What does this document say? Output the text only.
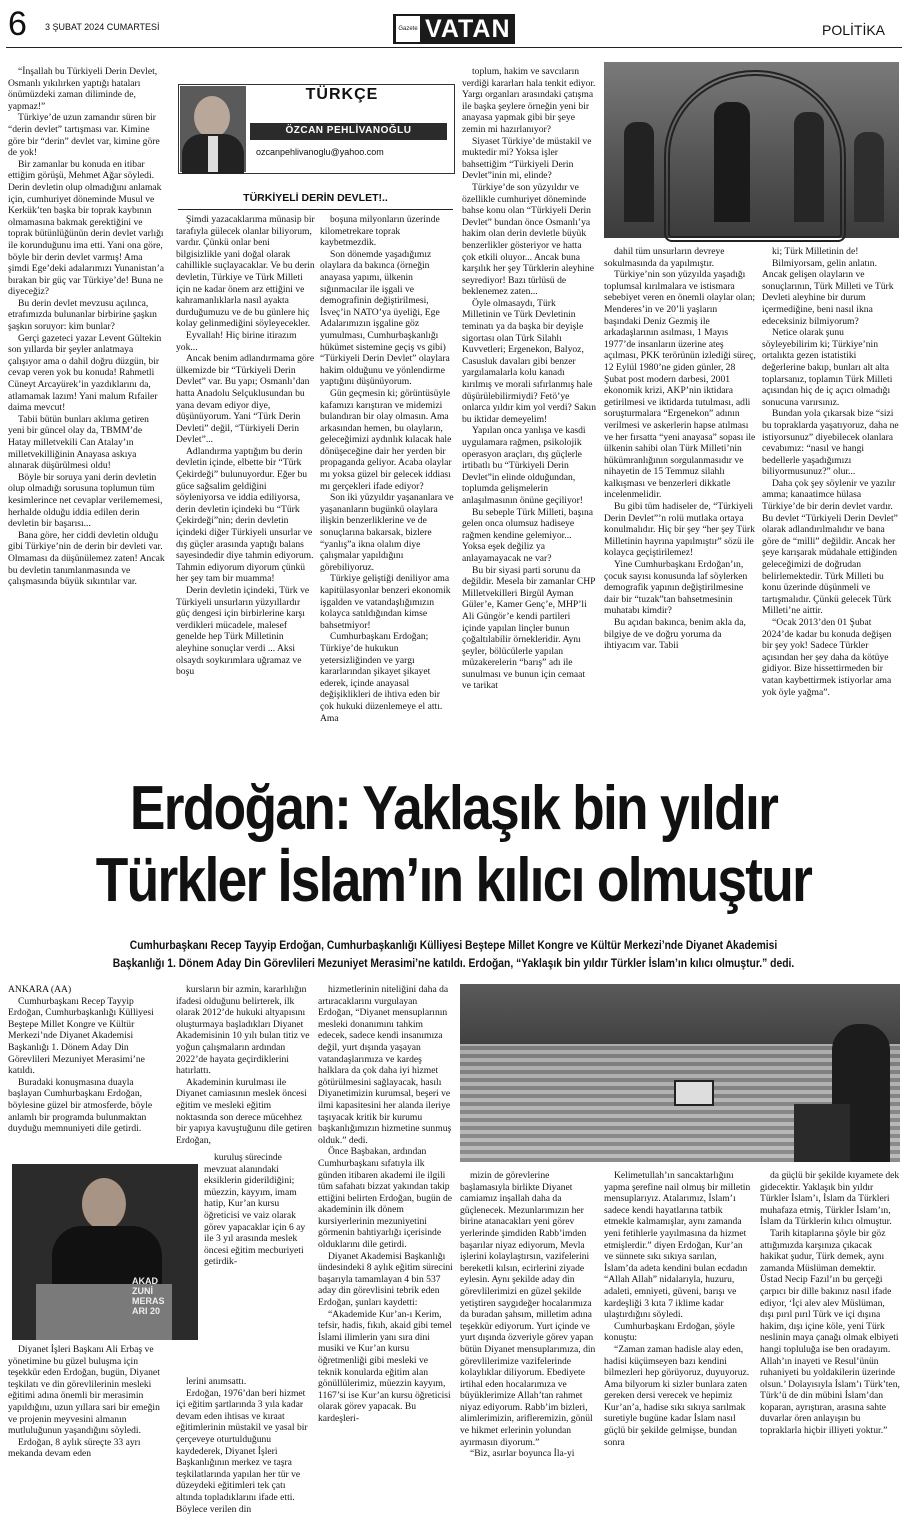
6 3 ŞUBAT 2024 CUMARTESİ	Gazete VATAN	POLİTİKA
TÜRKÇE
ÖZCAN PEHLİVANOĞLU
ozcanpehlivanoglu@yahoo.com
TÜRKİYELİ DERİN DEVLET!..

“İnşallah bu Türkiyeli Derin Devlet, Osmanlı yıkılırken yaptığı hataları önümüzdeki zaman diliminde de, yapmaz!”

Türkiye’de uzun zamandır süren bir “derin devlet” tartışması var. Kimine göre bir “derin” devlet var, kimine göre de yok!

Bir zamanlar bu konuda en itibar ettiğim görüşü, Mehmet Ağar söyledi. Derin devletin olup olmadığını anlamak için, cumhuriyet döneminde Musul ve Kerkük’ten başka bir toprak kaybının olmamasına bakmak gerektiğini ve toprak bütünlüğünün derin devlet varlığı ile korunduğunu ima etti. Yani ona göre, böyle bir derin devlet varmış! Ama şimdi Ege’deki adalarımızı Yunanistan’a bırakan bir güç var Türkiye’de! Buna ne diyeceğiz?

Bu derin devlet mevzusu açılınca, etrafımızda bulunanlar birbirine şaşkın şaşkın soruyor: kim bunlar?

Gerçi gazeteci yazar Levent Gültekin son yıllarda bir şeyler anlatmaya çalışıyor ama o dahil doğru düzgün, bir cevap veren yok bu konuda! Rahmetli Cüneyt Arcayürek’in yazdıklarını da, atlamamak lazım! Yani malum Rıfailer daima mevcut!

Tabii bütün bunları aklıma getiren yeni bir güncel olay da, TBMM’de Hatay milletvekili Can Atalay’ın milletvekilliğinin Anayasa askıya alınarak düşürülmesi oldu!

Böyle bir soruya yani derin devletin olup olmadığı sorusuna toplumun tüm kesimlerince net cevaplar verilememesi, herhalde olduğu iddia edilen derin devletin bir başarısı...

Bana göre, her ciddi devletin olduğu gibi Türkiye’nin de derin bir devleti var. Olmaması da düşünülemez zaten! Ancak bu devletin tanımlanmasında ve çalışmasında büyük sıkıntılar var.

Şimdi yazacaklarıma münasip bir tarafıyla gülecek olanlar biliyorum, vardır. Çünkü onlar beni bilgisizlikle yani doğal olarak cahillikle suçlayacaklar. Ve bu derin devletin, Türkiye ve Türk Milleti için ne kadar önem arz ettiğini ve kahramanlıklarla nasıl ayakta durduğumuzu ve de bu günlere hiç kolay gelinmediğini söyleyecekler.

Eyvallah! Hiç birine itirazım yok...

Ancak benim adlandırmama göre ülkemizde bir “Türkiyeli Derin Devlet” var. Bu yapı; Osmanlı’dan hatta Anadolu Selçuklusundan bu yana devam ediyor diye, düşünüyorum. Yani “Türk Derin Devleti” değil, “Türkiyeli Derin Devlet”...

Adlandırma yaptığım bu derin devletin içinde, elbette bir “Türk Çekirdeği” bulunuyordur. Eğer bu güce sağsalim geldiğini söyleniyorsa ve iddia ediliyorsa, derin devletin içindeki bu “Türk Çekirdeği”nin; derin devletin içindeki diğer Türkiyeli unsurlar ve dış güçler arasında yaptığı balans sayesindedir diye tahmin ediyorum. Tahmin ediyorum diyorum çünkü her şey tam bir muamma!

Derin devletin içindeki, Türk ve Türkiyeli unsurların yüzyıllardır güç dengesi için birbirlerine karşı verdikleri mücadele, malesef genelde hep Türk Milletinin aleyhine sonuçlar verdi ... Aksi olsaydı soykırımlara uğramaz ve boşu

boşuna milyonların üzerinde kilometrekare toprak kaybetmezdik.

Son dönemde yaşadığımız olaylara da bakınca (örneğin anayasa yapımı, ülkenin sığınmacılar ile işgali ve demografinin değiştirilmesi, İsveç’in NATO’ya üyeliği, Ege Adalarımızın işgaline göz yumulması, Cumhurbaşkanlığı hükümet sistemine geçiş vs gibi) “Türkiyeli Derin Devlet” olaylara hakim olduğunu ve yönlendirme yaptığını düşünüyorum.

Gün geçmesin ki; görüntüsüyle kafamızı karıştıran ve midemizi bulandıran bir olay olmasın. Ama arkasından hemen, bu olayların, geleceğimizi aydınlık kılacak hale dönüşeceğine dair her yerden bir propaganda geliyor. Acaba olaylar mı yoksa güzel bir gelecek iddiası mı gerçekleri ifade ediyor?

Son iki yüzyıldır yaşananlara ve yaşananların bugünkü olaylara ilişkin benzerliklerine ve de sonuçlarına bakarsak, bizlere “yanlış”a ikna olalım diye çalışmalar yapıldığını görebiliyoruz.

Türkiye geliştiği deniliyor ama kapitülasyonlar benzeri ekonomik işgalden ve vatandaşlığımızın kolayca satıldığından kimse bahsetmiyor!

Cumhurbaşkanı Erdoğan; Türkiye’de hukukun yetersizliğinden ve yargı kararlarından şikayet şikayet ederek, içinde anayasal değişiklikleri de ihtiva eden bir çok hukuki düzenlemeye el attı. Ama

toplum, hakim ve savcıların verdiği kararları hala tenkit ediyor. Yargı organları arasındaki çatışma ile başka şeylere örneğin yeni bir anayasa yapmak gibi bir şeye zemin mi hazırlanıyor?

Siyaset Türkiye’de müstakil ve muktedir mi? Yoksa işler bahsettiğim “Türkiyeli Derin Devlet”inin mi, elinde?

Türkiye’de son yüzyıldır ve özellikle cumhuriyet döneminde bahse konu olan “Türkiyeli Derin Devlet” bundan önce Osmanlı’ya hakim olan derin devletle büyük benzerlikler gösteriyor ve hatta çok etkili oluyor... Ancak buna karşılık her şey Türklerin aleyhine seyrediyor! Bazı türlüsü de beklenemez zaten...

Öyle olmasaydı, Türk Milletinin ve Türk Devletinin teminatı ya da başka bir deyişle sigortası olan Türk Silahlı Kuvvetleri; Ergenekon, Balyoz, Casusluk davaları gibi benzer yargılamalarla kolu kanadı kırılmış ve morali sıfırlanmış hale düşürülebilirmiydi? Fetö’ye onlarca yıldır kim yol verdi? Sakın bu iktidar demeyelim!

Yapılan onca yanlışa ve kasdi uygulamara rağmen, psikolojik operasyon araçları, dış güçlerle irtibatlı bu “Türkiyeli Derin Devlet”in elinde olduğundan, toplumda gelişmelerin anlaşılmasının önüne geçiliyor!

Bu sebeple Türk Milleti, başına gelen onca olumsuz hadiseye rağmen kendine gelemiyor... Yoksa eşek değiliz ya anlayamayacak ne var?

Bu bir siyasi parti sorunu da değildir. Mesela bir zamanlar CHP Milletvekilleri Birgül Ayman Güler’e, Kamer Genç’e, MHP’li Ali Güngör’e kendi partileri içinde yapılan linçler bunun çoğaltılabilir örnekleridir. Aynı şeyler, bölücülerle yapılan müzakerelerin “barış” adı ile sunulması ve bunun için cemaat ve tarikat

dahil tüm unsurların devreye sokulmasında da yapılmıştır.

Türkiye’nin son yüzyılda yaşadığı toplumsal kırılmalara ve istismara sebebiyet veren en önemli olaylar olan; Menderes’in ve 20’li yaşların başındaki Deniz Gezmiş ile arkadaşlarının asılması, 1 Mayıs 1977’de insanların üzerine ateş açılması, PKK terörünün izlediği süreç, 12 Eylül 1980’ne giden günler, 28 Şubat post modern darbesi, 2001 ekonomik krizi, AKP’nin iktidara getirilmesi ve iktidarda tutulması, adli soruşturmalara “Ergenekon” adının verilmesi ve askerlerin hapse atılması ve her fırsatta “yeni anayasa” sopası ile ülkenin sahibi olan Türk Milleti’nin hükümranlığının sorgulanmasıdır ve nihayetin de 15 Temmuz silahlı kalkışması ve benzerleri dikkatle incelenmelidir.

Bu gibi tüm hadiseler de, “Türkiyeli Derin Devlet”’n rolü mutlaka ortaya konulmalıdır. Hiç bir şey “her şey Türk Milletinin hayrına yapılmıştır” sözü ile kolayca geçiştirilemez!

Yine Cumhurbaşkanı Erdoğan’ın, çocuk sayısı konusunda laf söylerken demografik yapının değiştirilmesine dair bir “tuzak”tan bahsetmesinin muhatabı kimdir?

Bu açıdan bakınca, benim akla da, bilgiye de ve doğru yoruma da ihtiyacım var. Tabii

ki; Türk Milletinin de!

Bilmiyorsam, gelin anlatın. Ancak gelişen olayların ve sonuçlarının, Türk Milleti ve Türk Devleti aleyhine bir durum içermediğine, beni nasıl ikna edeceksiniz bilmiyorum?

Netice olarak şunu söyleyebilirim ki; Türkiye’nin ortalıkta gezen istatistiki değerlerine bakıp, bunları alt alta toplarsanız, toplamın Türk Milleti açısından hiç de iç açıcı olmadığı sonucuna varırsınız.

Bundan yola çıkarsak bize “sizi bu topraklarda yaşatıyoruz, daha ne istiyorsunuz” diyebilecek olanlara cevabımız: “nasıl ve hangi bedellerle yaşadığımızı biliyormusunuz?” olur...

Daha çok şey söylenir ve yazılır amma; kanaatimce hülasa Türkiye’de bir derin devlet vardır. Bu devlet “Türkiyeli Derin Devlet” olarak adlandırılmalıdır ve bana göre de “milli” değildir. Ancak her şeye karışarak müdahale ettiğinden geleceğimizi de doğrudan belirlemektedir. Türk Milleti bu konu üzerinde düşünmeli ve tartışmalıdır. Çünkü gelecek Türk Milleti’ne aittir.

“Ocak 2013’den 01 Şubat 2024’de kadar bu konuda değişen bir şey yok! Sadece Türkler açısından her şey daha da kötüye gidiyor. Bize hissettirmeden bir vatan kaybettirmek istiyorlar ama yok öyle yağma”.

Erdoğan: Yaklaşık bin yıldır
Türkler İslam’ın kılıcı olmuştur
Cumhurbaşkanı Recep Tayyip Erdoğan, Cumhurbaşkanlığı Külliyesi Beştepe Millet Kongre ve Kültür Merkezi’nde Diyanet Akademisi
Başkanlığı 1. Dönem Aday Din Görevlileri Mezuniyet Merasimi’ne katıldı. Erdoğan, “Yaklaşık bin yıldır Türkler İslam’ın kılıcı olmuştur.” dedi.
ANKARA (AA)

Cumhurbaşkanı Recep Tayyip Erdoğan, Cumhurbaşkanlığı Külliyesi Beştepe Millet Kongre ve Kültür Merkezi’nde Diyanet Akademisi Başkanlığı 1. Dönem Aday Din Görevlileri Mezuniyet Merasimi’ne katıldı.

Buradaki konuşmasına duayla başlayan Cumhurbaşkanı Erdoğan, böylesine güzel bir atmosferde, böyle anlamlı bir programda bulunmaktan duyduğu memnuniyeti dile getirdi.

AKAD
ZUNİ
MERAS
ARI 20

Diyanet İşleri Başkanı Ali Erbaş ve yönetimine bu güzel buluşma için teşekkür eden Erdoğan, bugün, Diyanet teşkilatı ve din görevlilerinin mesleki eğitimi adına önemli bir merasimin yapıldığını, uzun yıllara sari bir emeğin ve projenin meyvesini almanın mutluluğunun yaşandığını söyledi.

Erdoğan, 8 aylık süreçte 33 ayrı mekanda devam eden

kursların bir azmin, kararlılığın ifadesi olduğunu belirterek, ilk olarak 2012’de hukuki altyapısını oluşturmaya başladıkları Diyanet Akademisinin 10 yılı bulan titiz ve yoğun çalışmaların ardından 2022’de hayata geçirdiklerini hatırlattı.

Akademinin kurulması ile Diyanet camiasının meslek öncesi eğitim ve mesleki eğitim noktasında son derece mücehhez bir yapıya kavuştuğunu dile getiren Erdoğan,

kuruluş sürecinde mevzuat alanındaki eksiklerin giderildiğini; müezzin, kayyım, imam hatip, Kur’an kursu öğreticisi ve vaiz olarak görev yapacaklar için 6 ay ile 3 yıl arasında meslek öncesi eğitim mecburiyeti getirdik-

lerini anımsattı.

Erdoğan, 1976’dan beri hizmet içi eğitim şartlarında 3 yıla kadar devam eden ihtisas ve kıraat eğitimlerinin müstakil ve yasal bir çerçeveye oturtulduğunu kaydederek, Diyanet İşleri Başkanlığının merkez ve taşra teşkilatlarında yapılan her tür ve düzeydeki eğitimleri tek çatı altında topladıklarını ifade etti. Böylece verilen din

hizmetlerinin niteliğini daha da artıracaklarını vurgulayan Erdoğan, “Diyanet mensuplarının mesleki donanımını tahkim edecek, sadece kendi insanımıza değil, yurt dışında yaşayan vatandaşlarımıza ve kardeş halklara da çok daha iyi hizmet götürülmesini sağlayacak, hasılı Diyanetimizin kurumsal, beşeri ve ilmi kapasitesini her alanda ileriye taşıyacak kritik bir kurumu başkanlığımızın hizmetine sunmuş olduk.” dedi.

Önce Başbakan, ardından Cumhurbaşkanı sıfatıyla ilk günden itibaren akademi ile ilgili tüm safahatı bizzat yakından takip ettiğini belirten Erdoğan, bugün de akademinin ilk dönem kursiyerlerinin mezuniyetini görmenin bahtiyarlığı içerisinde olduklarını dile getirdi.

Diyanet Akademisi Başkanlığı ündesindeki 8 aylık eğitim sürecini başarıyla tamamlayan 4 bin 537 aday din görevlisini tebrik eden Erdoğan, şunları kaydetti:

“Akademide Kur’an-ı Kerim, tefsir, hadis, fıkıh, akaid gibi temel İslami ilimlerin yanı sıra dini musiki ve Kur’an kursu öğretmenliği gibi mesleki ve teknik konularda eğitim alan gönüllülerimiz, müezzin kayyım, 1167’si ise Kur’an kursu öğreticisi olarak görev yapacak. Bu kardeşleri-

mizin de görevlerine başlamasıyla birlikte Diyanet camiamız inşallah daha da güçlenecek. Mezunlarımızın her birine atanacakları yeni görev yerlerinde şimdiden Rabb’imden başarılar niyaz ediyorum, Mevla işlerini kolaylaştırsın, vazifelerini bereketli kılsın, ecirlerini ziyade eylesin. Aynı şekilde aday din görevlilerimizi en güzel şekilde yetiştiren saygıdeğer hocalarımıza da buradan şahsım, milletim adına teşekkür ediyorum. Yurt içinde ve yurt dışında özveriyle görev yapan bütün Diyanet mensuplarımıza, din görevlilerimize vazifelerinde kolaylıklar diliyorum. Ebediyete irtihal eden hocalarımıza ve büyüklerimize Allah’tan rahmet niyaz ediyorum. Rabb’im bizleri, alimlerimizin, arifleremizin, gönül ve hikmet erlerinin yolundan ayırmasın diyorum.”

“Biz, asırlar boyunca İla-yi

Kelimetullah’ın sancaktarlığını yapma şerefine nail olmuş bir milletin mensuplarıyız. Atalarımız, İslam’ı sadece kendi hayatlarına tatbik etmekle kalmamışlar, aynı zamanda yeni fetihlerle yayılmasına da hizmet etmişlerdir.” diyen Erdoğan, Kur’an ve sünnete sıkı sıkıya sarılan, İslam’da adeta kendini bulan ecdadın “Allah Allah” nidalarıyla, huzuru, adaleti, emniyeti, güveni, barışı ve kardeşliği 3 kıta 7 iklime kadar ulaştırdığını söyledi.

Cumhurbaşkanı Erdoğan, şöyle konuştu:

“Zaman zaman hadisle alay eden, hadisi küçümseyen bazı kendini bilmezleri hep görüyoruz, duyuyoruz. Ama bilyorum ki sizler bunlara zaten gereken dersi verecek ve hepimiz Kur’an’a, hadise sıkı sıkıya sarılmak suretiyle bugüne kadar İslam nasıl güçlü bir şekilde gelmişse, bundan sonra

da güçlü bir şekilde kıyamete dek gidecektir. Yaklaşık bin yıldır Türkler İslam’ı, İslam da Türkleri muhafaza etmiş, Türkler İslam’ın, İslam da Türklerin kılıcı olmuştur.

Tarih kitaplarına şöyle bir göz attığımızda karşınıza çıkacak hakikat şudur, Türk demek, aynı zamanda Müslüman demektir. Üstad Necip Fazıl’ın bu gerçeği çarpıcı bir dille bakınız nasıl ifade ediyor, ‘İçi alev alev Müslüman, dışı pırıl pırıl Türk ve içi dışına hakim, dışı içine köle, yeni Türk neslinin maya çanağı olmak elbiyeti hangi topluluğa ise ben oradayım. Allah’ın inayeti ve Resul’ünün ruhaniyeti bu yoldakilerin üzerinde olsun.’ Dolayısıyla İslam’ı Türk’ten, Türk’ü de din mübini İslam’dan koparan, ayrıştıran, arasına sahte duvarlar ören anlayışın bu topraklarla hiçbir illiyeti yoktur.”
